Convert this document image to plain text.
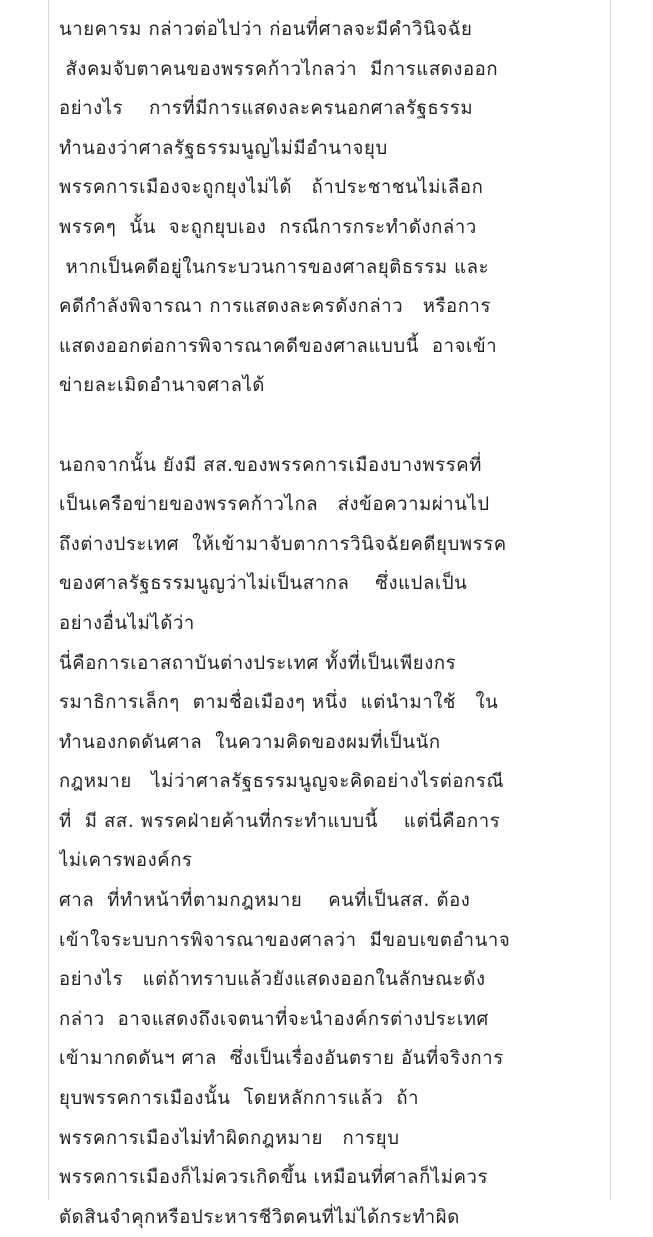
นายคารม กล่าวต่อไปว่า ก่อนที่ศาลจะมีคำวินิจฉัย
สังคมจับตาคนของพรรคก้าวไกลว่า  มีการแสดงออก
อย่างไร    การที่มีการแสดงละครนอกศาลรัฐธรรม
ทำนองว่าศาลรัฐธรรมนูญไม่มีอำนาจยุบ
พรรคการเมืองจะถูกยุงไม่ได้   ถ้าประชาชนไม่เลือก
พรรคๆ  นั้น  จะถูกยุบเอง  กรณีการกระทำดังกล่าว
หากเป็นคดีอยู่ในกระบวนการของศาลยุติธรรม และ
คดีกำลังพิจารณา การแสดงละครดังกล่าว   หรือการ
แสดงออกต่อการพิจารณาคดีของศาลแบบนี้  อาจเข้า
ข่ายละเมิดอำนาจศาลได้
นอกจากนั้น ยังมี สส.ของพรรคการเมืองบางพรรคที่
เป็นเครือข่ายของพรรคก้าวไกล   ส่งข้อความผ่านไป
ถึงต่างประเทศ  ให้เข้ามาจับตาการวินิจฉัยคดียุบพรรค
ของศาลรัฐธรรมนูญว่าไม่เป็นสากล    ซึ่งแปลเป็น
อย่างอื่นไม่ได้ว่า
นี่คือการเอาสถาบันต่างประเทศ ทั้งที่เป็นเพียงกร
รมาธิการเล็กๆ  ตามชื่อเมืองๆ หนึ่ง  แต่นำมาใช้   ใน
ทำนองกดดันศาล  ในความคิดของผมที่เป็นนัก
กฎหมาย   ไม่ว่าศาลรัฐธรรมนูญจะคิดอย่างไรต่อกรณี
ที่  มี สส. พรรคฝ่ายค้านที่กระทำแบบนี้    แต่นี่คือการ
ไม่เคารพองค์กร
ศาล  ที่ทำหน้าที่ตามกฎหมาย    คนที่เป็นสส. ต้อง
เข้าใจระบบการพิจารณาของศาลว่า  มีขอบเขตอำนาจ
อย่างไร   แต่ถ้าทราบแล้วยังแสดงออกในลักษณะดัง
กล่าว  อาจแสดงถึงเจตนาที่จะนำองค์กรต่างประเทศ
เข้ามากดดันฯ ศาล  ซึ่งเป็นเรื่องอันตราย อันที่จริงการ
ยุบพรรคการเมืองนั้น  โดยหลักการแล้ว  ถ้า
พรรคการเมืองไม่ทำผิดกฎหมาย   การยุบ
พรรคการเมืองก็ไม่ควรเกิดขึ้น เหมือนที่ศาลก็ไม่ควร
ตัดสินจำคุกหรือประหารชีวิตคนที่ไม่ได้กระทำผิด
